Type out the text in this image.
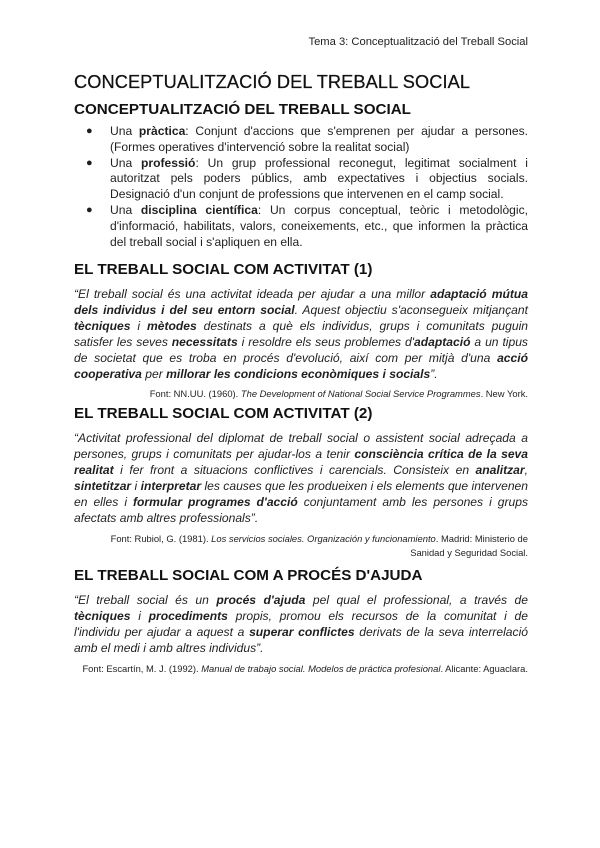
Tema 3: Conceptualització del Treball Social
CONCEPTUALITZACIÓ DEL TREBALL SOCIAL
CONCEPTUALITZACIÓ DEL TREBALL SOCIAL
● Una pràctica: Conjunt d'accions que s'emprenen per ajudar a persones. (Formes operatives d'intervenció sobre la realitat social)
● Una professió: Un grup professional reconegut, legitimat socialment i autoritzat pels poders públics, amb expectatives i objectius socials. Designació d'un conjunt de professions que intervenen en el camp social.
● Una disciplina científica: Un corpus conceptual, teòric i metodològic, d'informació, habilitats, valors, coneixements, etc., que informen la pràctica del treball social i s'apliquen en ella.
EL TREBALL SOCIAL COM ACTIVITAT (1)

“El treball social és una activitat ideada per ajudar a una millor adaptació mútua dels individus i del seu entorn social. Aquest objectiu s'aconsegueix mitjançant tècniques i mètodes destinats a què els individus, grups i comunitats puguin satisfer les seves necessitats i resoldre els seus problemes d'adaptació a un tipus de societat que es troba en procés d'evolució, així com per mitjà d'una acció cooperativa per millorar les condicions econòmiques i socials”.

Font: NN.UU. (1960). The Development of National Social Service Programmes. New York.

EL TREBALL SOCIAL COM ACTIVITAT (2)

“Activitat professional del diplomat de treball social o assistent social adreçada a persones, grups i comunitats per ajudar-los a tenir consciència crítica de la seva realitat i fer front a situacions conflictives i carencials. Consisteix en analitzar, sintetitzar i interpretar les causes que les produeixen i els elements que intervenen en elles i formular programes d'acció conjuntament amb les persones i grups afectats amb altres professionals”.

Font: Rubiol, G. (1981). Los servicios sociales. Organización y funcionamiento. Madrid: Ministerio de Sanidad y Seguridad Social.

EL TREBALL SOCIAL COM A PROCÉS D'AJUDA

“El treball social és un procés d'ajuda pel qual el professional, a través de tècniques i procediments propis, promou els recursos de la comunitat i de l'individu per ajudar a aquest a superar conflictes derivats de la seva interrelació amb el medi i amb altres individus”.

Font: Escartín, M. J. (1992). Manual de trabajo social. Modelos de práctica profesional. Alicante: Aguaclara.
